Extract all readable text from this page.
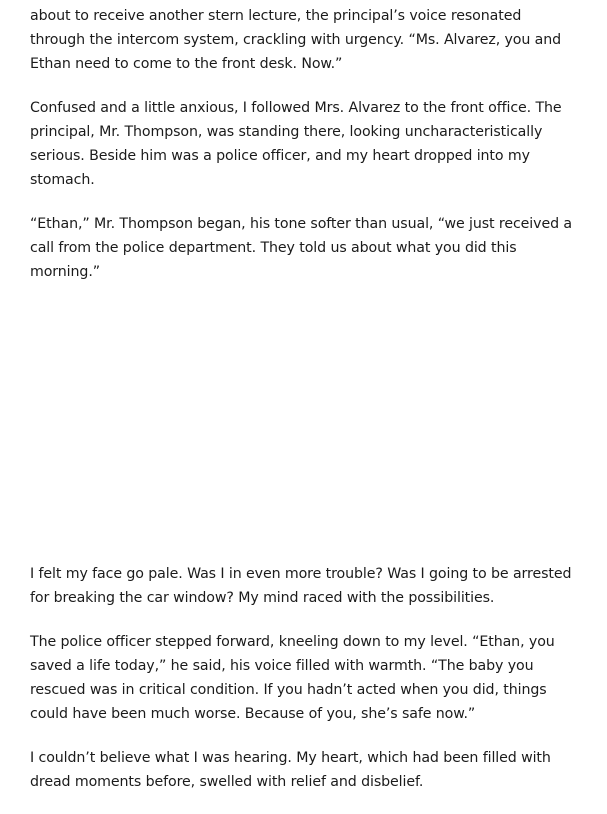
about to receive another stern lecture, the principal’s voice resonated through the intercom system, crackling with urgency. “Ms. Alvarez, you and Ethan need to come to the front desk. Now.”

Confused and a little anxious, I followed Mrs. Alvarez to the front office. The principal, Mr. Thompson, was standing there, looking uncharacteristically serious. Beside him was a police officer, and my heart dropped into my stomach.

“Ethan,” Mr. Thompson began, his tone softer than usual, “we just received a call from the police department. They told us about what you did this morning.”

I felt my face go pale. Was I in even more trouble? Was I going to be arrested for breaking the car window? My mind raced with the possibilities.

The police officer stepped forward, kneeling down to my level. “Ethan, you saved a life today,” he said, his voice filled with warmth. “The baby you rescued was in critical condition. If you hadn’t acted when you did, things could have been much worse. Because of you, she’s safe now.”

I couldn’t believe what I was hearing. My heart, which had been filled with dread moments before, swelled with relief and disbelief.
